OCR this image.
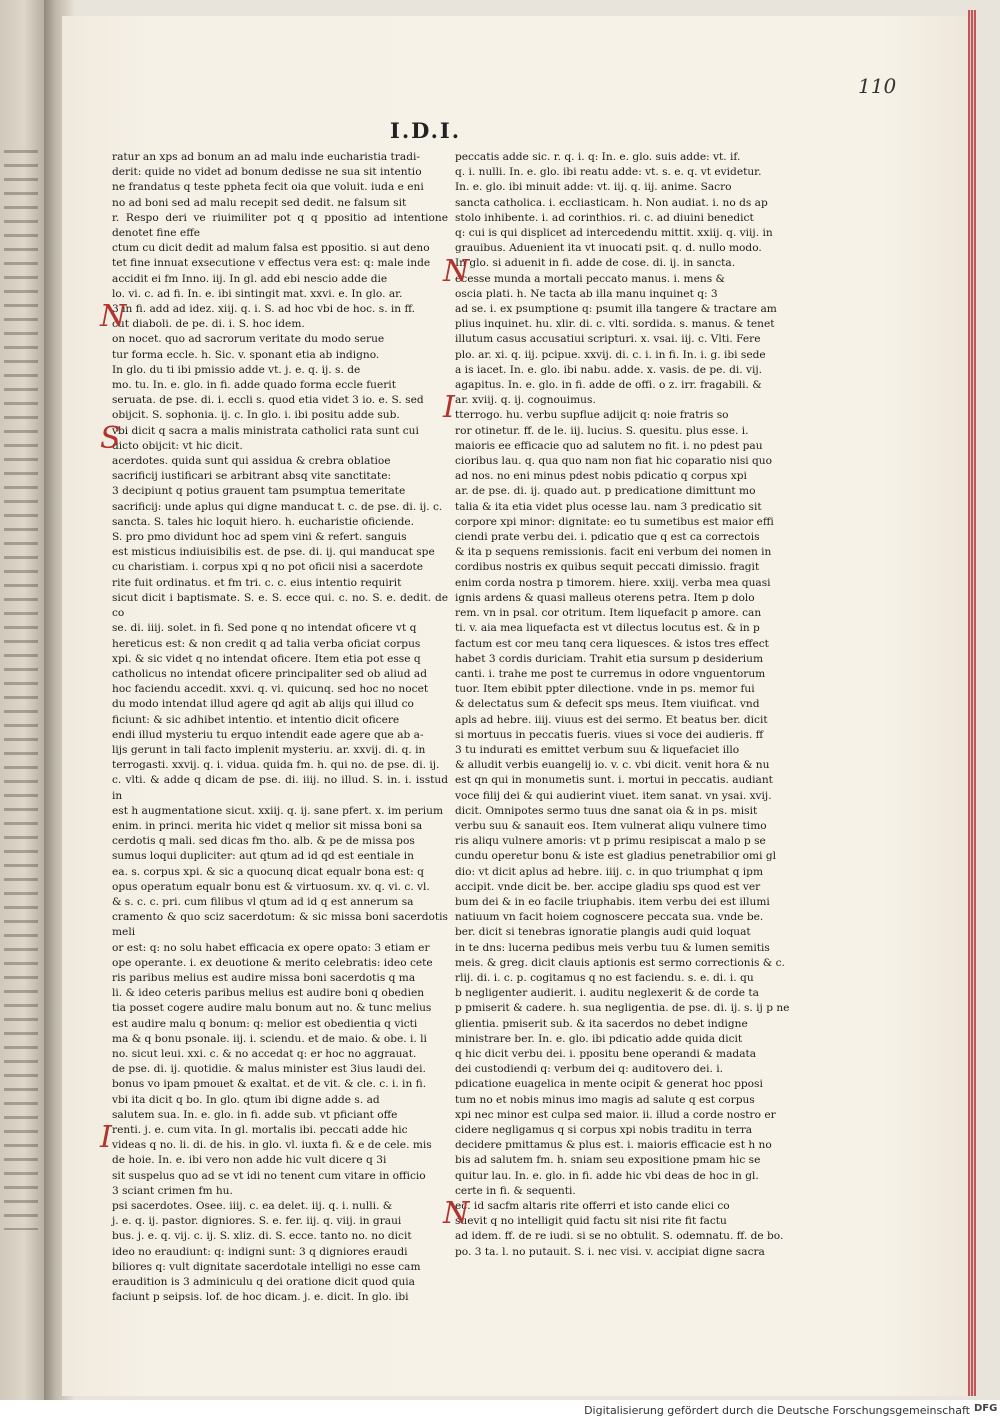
110
I.D.I.

ratur an xps ad bonum an ad malu inde eucharistia tradi-

derit: quide no videt ad bonum dedisse ne sua sit intentio

ne frandatus q teste ppheta fecit oia que voluit. iuda e eni

no ad boni sed ad malu recepit sed dedit. ne falsum sit

r. Respo deri ve riuimiliter pot q q ppositio ad intentione denotet fine effe

ctum cu dicit dedit ad malum falsa est ppositio. si aut deno

tet fine innuat exsecutione v effectus vera est: q: male inde

accidit ei fm Inno. iij. In gl. add ebi nescio adde die

lo. vi. c. ad fi. In. e. ibi sintingit mat. xxvi. e. In glo. ar.

3 in fi. add ad idez. xiij. q. i. S. ad hoc vbi de hoc. s. in ff.

cut diaboli. de pe. di. i. S. hoc idem.

on nocet. quo ad sacrorum veritate du modo serue

tur forma eccle. h. Sic. v. sponant etia ab indigno.

In glo. du ti ibi pmissio adde vt. j. e. q. ij. s. de

mo. tu. In. e. glo. in fi. adde quado forma eccle fuerit

seruata. de pse. di. i. eccli s. quod etia videt 3 io. e. S. sed

obijcit. S. sophonia. ij. c. In glo. i. ibi positu adde sub.

vbi dicit q sacra a malis ministrata catholici rata sunt cui

dicto obijcit: vt hic dicit.

acerdotes. quida sunt qui assidua & crebra oblatioe

sacrificij iustificari se arbitrant absq vite sanctitate:

3 decipiunt q potius grauent tam psumptua temeritate

sacrificij: unde aplus qui digne manducat t. c. de pse. di. ij. c.

sancta. S. tales hic loquit hiero. h. eucharistie oficiende.

S. pro pmo dividunt hoc ad spem vini & refert. sanguis

est misticus indiuisibilis est. de pse. di. ij. qui manducat spe

cu charistiam. i. corpus xpi q no pot oficii nisi a sacerdote

rite fuit ordinatus. et fm tri. c. c. eius intentio requirit

sicut dicit i baptismate. S. e. S. ecce qui. c. no. S. e. dedit. de co

se. di. iiij. solet. in fi. Sed pone q no intendat oficere vt q

hereticus est: & non credit q ad talia verba oficiat corpus

xpi. & sic videt q no intendat oficere. Item etia pot esse q

catholicus no intendat oficere principaliter sed ob aliud ad

hoc faciendu accedit. xxvi. q. vi. quicunq. sed hoc no nocet

du modo intendat illud agere qd agit ab alijs qui illud co

ficiunt: & sic adhibet intentio. et intentio dicit oficere

endi illud mysteriu tu erquo intendit eade agere que ab a-

lijs gerunt in tali facto implenit mysteriu. ar. xxvij. di. q. in

terrogasti. xxvij. q. i. vidua. quida fm. h. qui no. de pse. di. ij.

c. vlti. & adde q dicam de pse. di. iiij. no illud. S. in. i. isstud in

est h augmentatione sicut. xxiij. q. ij. sane pfert. x. im perium

enim. in princi. merita hic videt q melior sit missa boni sa

cerdotis q mali. sed dicas fm tho. alb. & pe de missa pos

sumus loqui dupliciter: aut qtum ad id qd est eentiale in

ea. s. corpus xpi. & sic a quocunq dicat equalr bona est: q

opus operatum equalr bonu est & virtuosum. xv. q. vi. c. vl.

& s. c. c. pri. cum filibus vl qtum ad id q est annerum sa

cramento & quo sciz sacerdotum: & sic missa boni sacerdotis meli

or est: q: no solu habet efficacia ex opere opato: 3 etiam er

ope operante. i. ex deuotione & merito celebratis: ideo cete

ris paribus melius est audire missa boni sacerdotis q ma

li. & ideo ceteris paribus melius est audire boni q obedien

tia posset cogere audire malu bonum aut no. & tunc melius

est audire malu q bonum: q: melior est obedientia q victi

ma & q bonu psonale. iij. i. sciendu. et de maio. & obe. i. li

no. sicut leui. xxi. c. & no accedat q: er hoc no aggrauat.

de pse. di. ij. quotidie. & malus minister est 3ius laudi dei.

bonus vo ipam pmouet & exaltat. et de vit. & cle. c. i. in fi.

vbi ita dicit q bo. In glo. qtum ibi digne adde s. ad

salutem sua. In. e. glo. in fi. adde sub. vt pficiant offe

renti. j. e. cum vita. In gl. mortalis ibi. peccati adde hic

videas q no. li. di. de his. in glo. vl. iuxta fi. & e de cele. mis

de hoie. In. e. ibi vero non adde hic vult dicere q 3i

sit suspelus quo ad se vt idi no tenent cum vitare in officio

3 sciant crimen fm hu.

psi sacerdotes. Osee. iiij. c. ea delet. iij. q. i. nulli. &

j. e. q. ij. pastor. digniores. S. e. fer. iij. q. viij. in graui

bus. j. e. q. vij. c. ij. S. xliz. di. S. ecce. tanto no. no dicit

ideo no eraudiunt: q: indigni sunt: 3 q digniores eraudi

biliores q: vult dignitate sacerdotale intelligi no esse cam

eraudition is 3 adminiculu q dei oratione dicit quod quia

faciunt p seipsis. lof. de hoc dicam. j. e. dicit. In glo. ibi

N
S
I

peccatis adde sic. r. q. i. q: In. e. glo. suis adde: vt. if.

q. i. nulli. In. e. glo. ibi reatu adde: vt. s. e. q. vt evidetur.

In. e. glo. ibi minuit adde: vt. iij. q. iij. anime. Sacro

sancta catholica. i. eccliasticam. h. Non audiat. i. no ds ap

stolo inhibente. i. ad corinthios. ri. c. ad diuini benedict

q: cui is qui displicet ad intercedendu mittit. xxiij. q. viij. in

grauibus. Aduenient ita vt inuocati psit. q. d. nullo modo.

In glo. si aduenit in fi. adde de cose. di. ij. in sancta.

ecesse munda a mortali peccato manus. i. mens &

oscia plati. h. Ne tacta ab illa manu inquinet q: 3

ad se. i. ex psumptione q: psumit illa tangere & tractare am

plius inquinet. hu. xlir. di. c. vlti. sordida. s. manus. & tenet

illutum casus accusatiui scripturi. x. vsai. iij. c. Vlti. Fere

plo. ar. xi. q. iij. pcipue. xxvij. di. c. i. in fi. In. i. g. ibi sede

a is iacet. In. e. glo. ibi nabu. adde. x. vasis. de pe. di. vij.

agapitus. In. e. glo. in fi. adde de offi. o z. irr. fragabili. &

ar. xviij. q. ij. cognouimus.

tterrogo. hu. verbu supflue adijcit q: noie fratris so

ror otinetur. ff. de le. iij. lucius. S. quesitu. plus esse. i.

maioris ee efficacie quo ad salutem no fit. i. no pdest pau

cioribus lau. q. qua quo nam non fiat hic coparatio nisi quo

ad nos. no eni minus pdest nobis pdicatio q corpus xpi

ar. de pse. di. ij. quado aut. p predicatione dimittunt mo

talia & ita etia videt plus ocesse lau. nam 3 predicatio sit

corpore xpi minor: dignitate: eo tu sumetibus est maior effi

ciendi prate verbu dei. i. pdicatio que q est ca correctois

& ita p sequens remissionis. facit eni verbum dei nomen in

cordibus nostris ex quibus sequit peccati dimissio. fragit

enim corda nostra p timorem. hiere. xxiij. verba mea quasi

ignis ardens & quasi malleus oterens petra. Item p dolo

rem. vn in psal. cor otritum. Item liquefacit p amore. can

ti. v. aia mea liquefacta est vt dilectus locutus est. & in p

factum est cor meu tanq cera liquesces. & istos tres effect

habet 3 cordis duriciam. Trahit etia sursum p desiderium

canti. i. trahe me post te curremus in odore vnguentorum

tuor. Item ebibit ppter dilectione. vnde in ps. memor fui

& delectatus sum & defecit sps meus. Item viuificat. vnd

apls ad hebre. iiij. viuus est dei sermo. Et beatus ber. dicit

si mortuus in peccatis fueris. viues si voce dei audieris. ff

3 tu indurati es emittet verbum suu & liquefaciet illo

& alludit verbis euangelij io. v. c. vbi dicit. venit hora & nu

est qn qui in monumetis sunt. i. mortui in peccatis. audiant

voce filij dei & qui audierint viuet. item sanat. vn ysai. xvij.

dicit. Omnipotes sermo tuus dne sanat oia & in ps. misit

verbu suu & sanauit eos. Item vulnerat aliqu vulnere timo

ris aliqu vulnere amoris: vt p primu resipiscat a malo p se

cundu operetur bonu & iste est gladius penetrabilior omi gl

dio: vt dicit aplus ad hebre. iiij. c. in quo triumphat q ipm

accipit. vnde dicit be. ber. accipe gladiu sps quod est ver

bum dei & in eo facile triuphabis. item verbu dei est illumi

natiuum vn facit hoiem cognoscere peccata sua. vnde be.

ber. dicit si tenebras ignoratie plangis audi quid loquat

in te dns: lucerna pedibus meis verbu tuu & lumen semitis

meis. & greg. dicit clauis aptionis est sermo correctionis & c.

rlij. di. i. c. p. cogitamus q no est faciendu. s. e. di. i. qu

b negligenter audierit. i. auditu neglexerit & de corde ta

p pmiserit & cadere. h. sua negligentia. de pse. di. ij. s. ij p ne

glientia. pmiserit sub. & ita sacerdos no debet indigne

ministrare ber. In. e. glo. ibi pdicatio adde quida dicit

q hic dicit verbu dei. i. ppositu bene operandi & madata

dei custodiendi q: verbum dei q: auditovero dei. i.

pdicatione euagelica in mente ocipit & generat hoc pposi

tum no et nobis minus imo magis ad salute q est corpus

xpi nec minor est culpa sed maior. ii. illud a corde nostro er

cidere negligamus q si corpus xpi nobis traditu in terra

decidere pmittamus & plus est. i. maioris efficacie est h no

bis ad salutem fm. h. sniam seu expositione pmam hic se

quitur lau. In. e. glo. in fi. adde hic vbi deas de hoc in gl.

certe in fi. & sequenti.

ec. id sacfm altaris rite offerri et isto cande elici co

suevit q no intelligit quid factu sit nisi rite fit factu

ad idem. ff. de re iudi. si se no obtulit. S. odemnatu. ff. de bo.

po. 3 ta. l. no putauit. S. i. nec visi. v. accipiat digne sacra

N
I
N
Digitalisierung gefördert durch die Deutsche Forschungsgemeinschaft DFG
